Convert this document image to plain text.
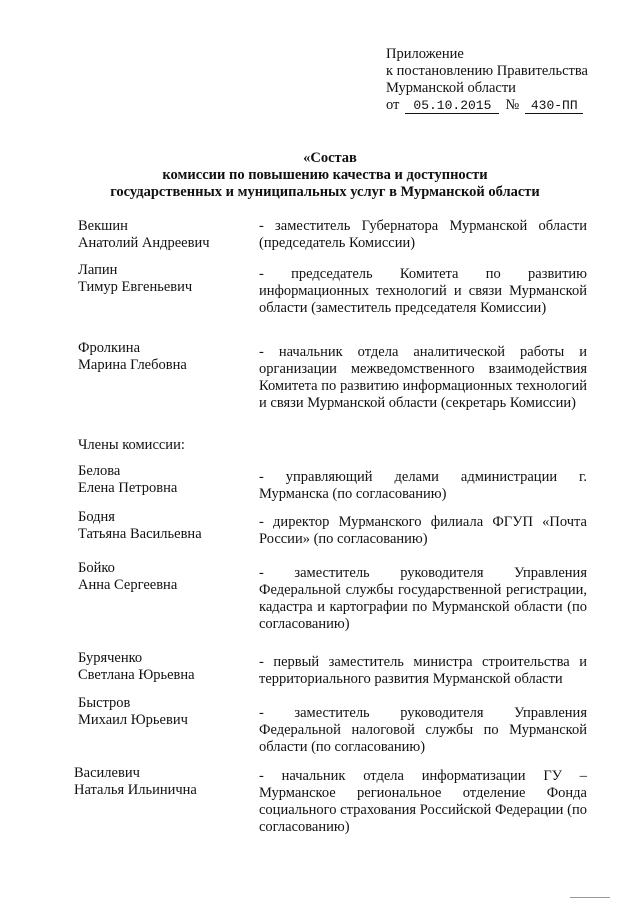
Приложение
к постановлению Правительства
Мурманской области
от 05.10.2015 № 430-ПП
«Состав
комиссии по повышению качества и доступности
государственных и муниципальных услуг в Мурманской области
Векшин
Анатолий Андреевич
- заместитель Губернатора Мурманской области (председатель Комиссии)
Лапин
Тимур Евгеньевич
- председатель Комитета по развитию информационных технологий и связи Мурманской области (заместитель председателя Комиссии)
Фролкина
Марина Глебовна
- начальник отдела аналитической работы и организации межведомственного взаимодействия Комитета по развитию информационных технологий и связи Мурманской области (секретарь Комиссии)
Члены комиссии:
Белова
Елена Петровна
- управляющий делами администрации г. Мурманска (по согласованию)
Бодня
Татьяна Васильевна
- директор Мурманского филиала ФГУП «Почта России» (по согласованию)
Бойко
Анна Сергеевна
- заместитель руководителя Управления Федеральной службы государственной регистрации, кадастра и картографии по Мурманской области (по согласованию)
Буряченко
Светлана Юрьевна
- первый заместитель министра строительства и территориального развития Мурманской области
Быстров
Михаил Юрьевич	- заместитель руководителя Управления Федеральной налоговой службы по Мурманской области (по согласованию)
Василевич
Наталья Ильинична
- начальник отдела информатизации ГУ – Мурманское региональное отделение Фонда социального страхования Российской Федерации (по согласованию)
